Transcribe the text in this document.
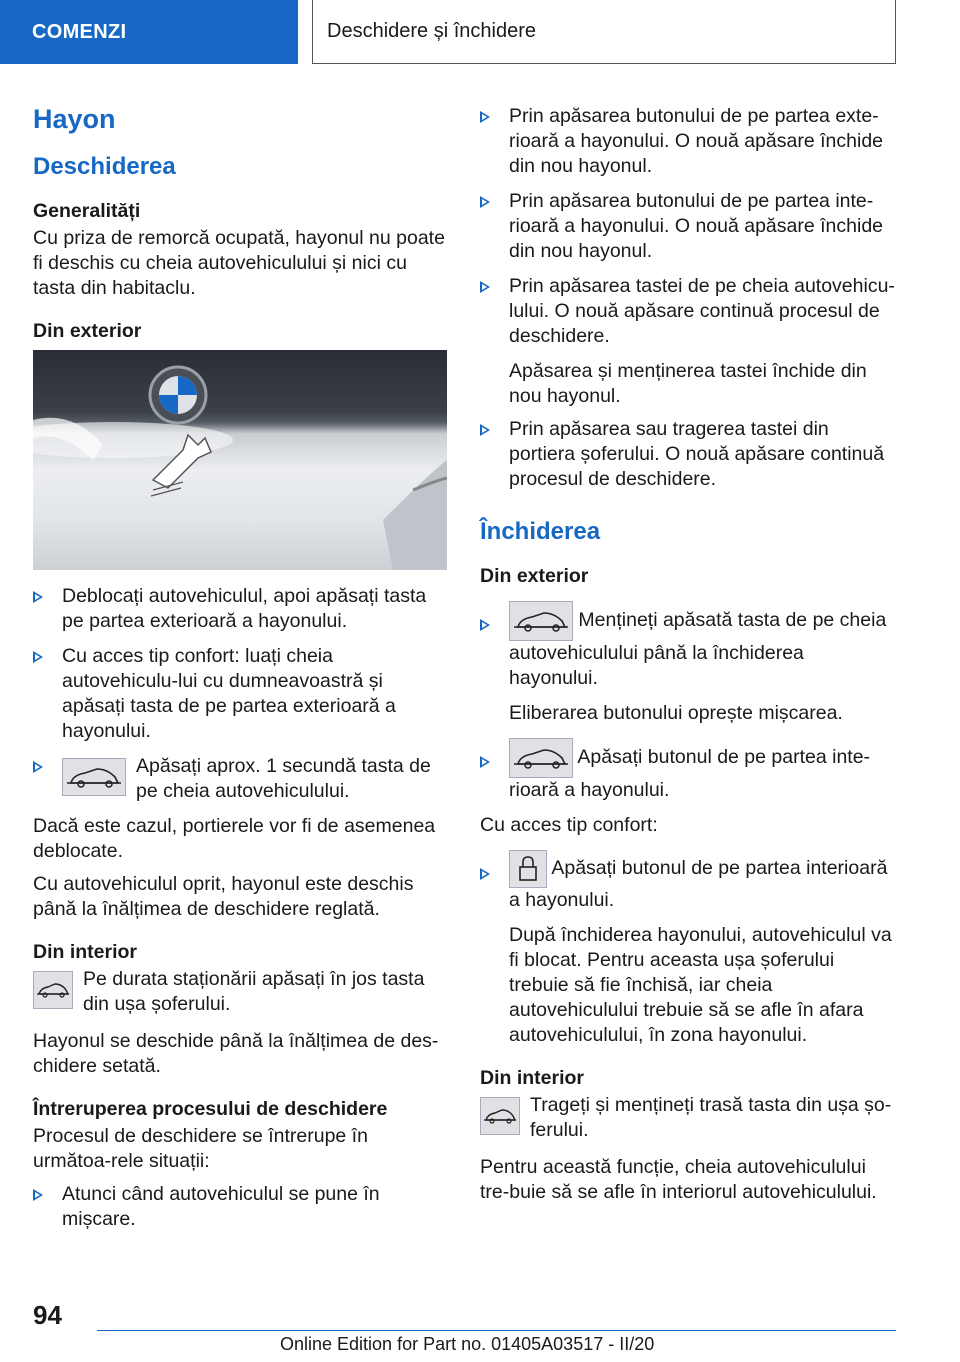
COMENZI	Deschidere și închidere
Hayon
Deschiderea
Generalități

Cu priza de remorcă ocupată, hayonul nu poate fi deschis cu cheia autovehiculului și nici cu tasta din habitaclu.

Din exterior
Deblocați autovehiculul, apoi apăsați tasta pe partea exterioară a hayonului.
Cu acces tip confort: luați cheia autovehiculu-lui cu dumneavoastră și apăsați tasta de pe partea exterioară a hayonului.
Apăsați aprox. 1 secundă tasta de pe cheia autovehiculului.

Dacă este cazul, portierele vor fi de asemenea deblocate.

Cu autovehiculul oprit, hayonul este deschis până la înălțimea de deschidere reglată.

Din interior
Pe durata staționării apăsați în jos tasta din ușa șoferului.

Hayonul se deschide până la înălțimea de des-chidere setată.

Întreruperea procesului de deschidere

Procesul de deschidere se întrerupe în următoa-rele situații:

Atunci când autovehiculul se pune în mișcare.
Prin apăsarea butonului de pe partea exte-rioară a hayonului. O nouă apăsare închide din nou hayonul.
Prin apăsarea butonului de pe partea inte-rioară a hayonului. O nouă apăsare închide din nou hayonul.
Prin apăsarea tastei de pe cheia autovehicu-lului. O nouă apăsare continuă procesul de deschidere.

Apăsarea și menținerea tastei închide din nou hayonul.

Prin apăsarea sau tragerea tastei din portiera șoferului. O nouă apăsare continuă procesul de deschidere.
Închiderea
Din exterior
Mențineți apăsată tasta de pe cheia autovehiculului până la închiderea hayonului.

Eliberarea butonului oprește mișcarea.

Apăsați butonul de pe partea inte-rioară a hayonului.

Cu acces tip confort:

Apăsați butonul de pe partea interioară a hayonului.

După închiderea hayonului, autovehiculul va fi blocat. Pentru aceasta ușa șoferului trebuie să fie închisă, iar cheia autovehiculului trebuie să se afle în afara autovehiculului, în zona hayonului.

Din interior
Trageți și mențineți trasă tasta din ușa șo-ferului.

Pentru această funcție, cheia autovehiculului tre-buie să se afle în interiorul autovehiculului.

94
Online Edition for Part no. 01405A03517 - II/20
